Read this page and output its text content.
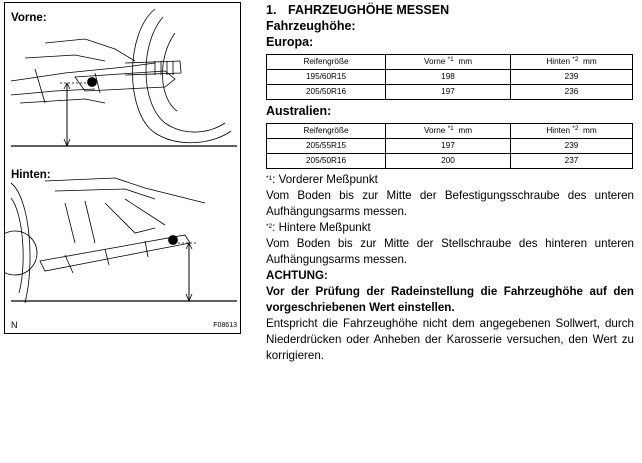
Vorne:
Hinten:
N	F08613
1. FAHRZEUGHÖHE MESSEN
Fahrzeughöhe:
Europa:
Reifengröße	Vorne $^{*1}$ mm	Hinten $^{*2}$ mm
195/60R15	198	239
205/50R16	197	236
Australien:
Reifengröße	Vorne $^{*1}$ mm	Hinten $^{*2}$ mm
205/55R15	197	239
205/50R16	200	237

$^{*1}$: Vorderer Meßpunkt

Vom Boden bis zur Mitte der Befestigungsschraube des unteren Aufhängungsarms messen.

$^{*2}$: Hintere Meßpunkt

Vom Boden bis zur Mitte der Stellschraube des hinteren unteren Aufhängungsarms messen.

ACHTUNG:

Vor der Prüfung der Radeinstellung die Fahrzeughöhe auf den vorgeschriebenen Wert einstellen.

Entspricht die Fahrzeughöhe nicht dem angegebenen Sollwert, durch Niederdrücken oder Anheben der Karosserie versuchen, den Wert zu korrigieren.
